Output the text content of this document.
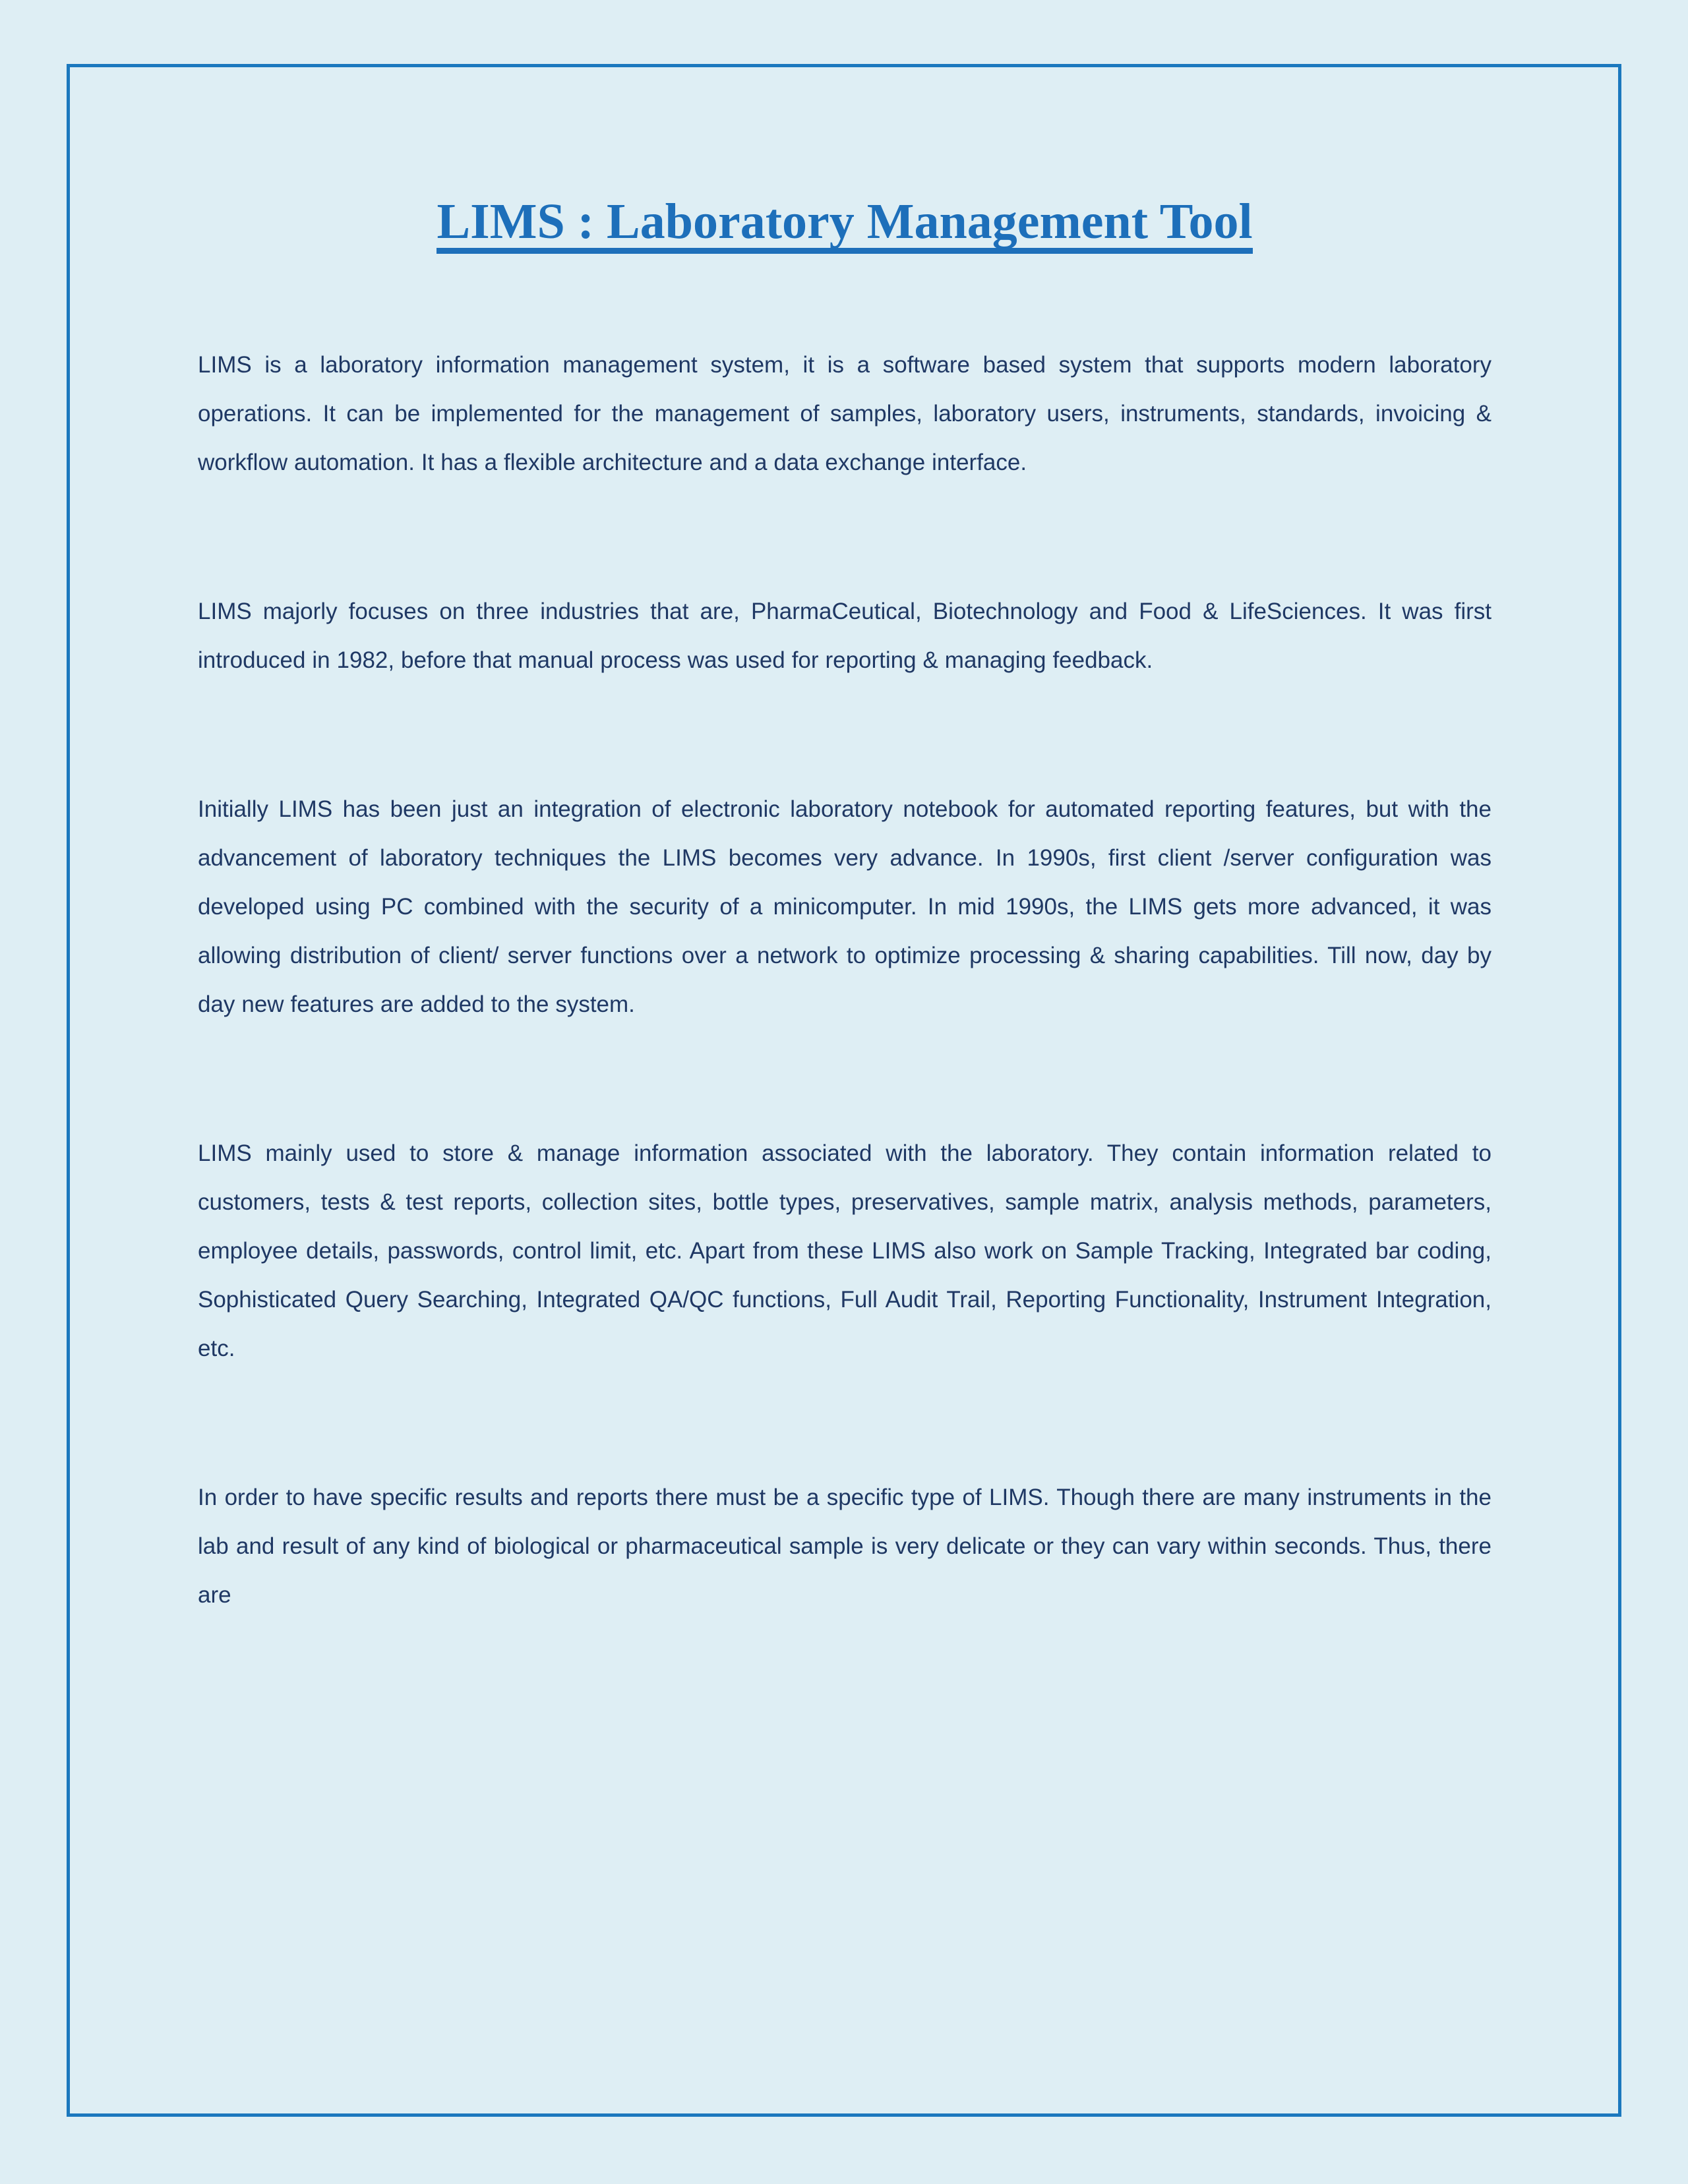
LIMS : Laboratory Management Tool

LIMS is a laboratory information management system, it is a software based system that supports modern laboratory operations. It can be implemented for the management of samples, laboratory users, instruments, standards, invoicing & workflow automation. It has a flexible architecture and a data exchange interface.

LIMS majorly focuses on three industries that are, PharmaCeutical, Biotechnology and Food & LifeSciences. It was first introduced in 1982, before that manual process was used for reporting & managing feedback.

Initially LIMS has been just an integration of electronic laboratory notebook for automated reporting features, but with the advancement of laboratory techniques the LIMS becomes very advance. In 1990s, first client /server configuration was developed using PC combined with the security of a minicomputer. In mid 1990s, the LIMS gets more advanced, it was allowing distribution of client/ server functions over a network to optimize processing & sharing capabilities. Till now, day by day new features are added to the system.

LIMS mainly used to store & manage information associated with the laboratory. They contain information related to customers, tests & test reports, collection sites, bottle types, preservatives, sample matrix, analysis methods, parameters, employee details, passwords, control limit, etc. Apart from these LIMS also work on Sample Tracking, Integrated bar coding, Sophisticated Query Searching, Integrated QA/QC functions, Full Audit Trail, Reporting Functionality, Instrument Integration, etc.

In order to have specific results and reports there must be a specific type of LIMS. Though there are many instruments in the lab and result of any kind of biological or pharmaceutical sample is very delicate or they can vary within seconds. Thus, there are
